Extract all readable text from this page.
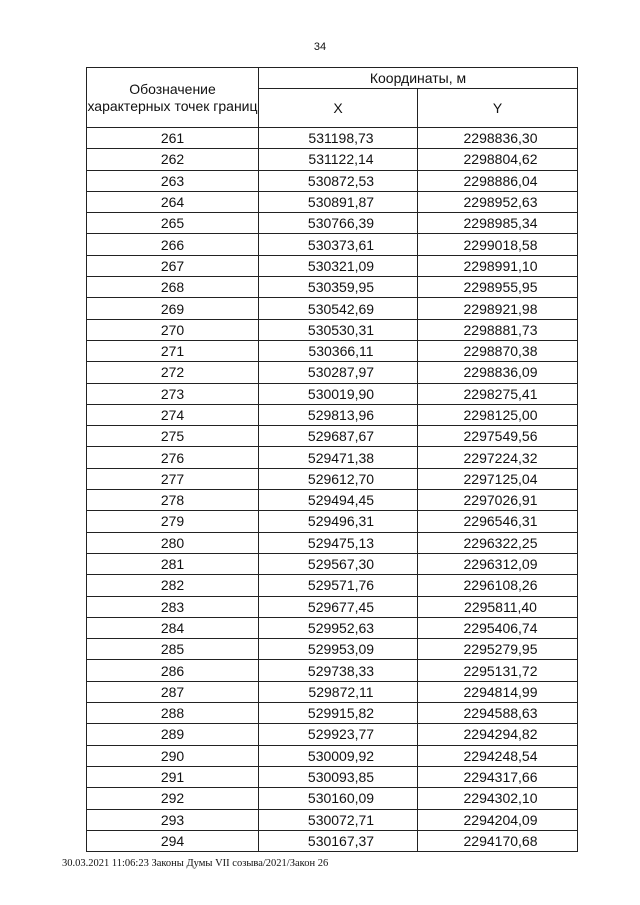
34
Обозначение характерных точек границ	Координаты, м	
	X	Y
261	531198,73	2298836,30
262	531122,14	2298804,62
263	530872,53	2298886,04
264	530891,87	2298952,63
265	530766,39	2298985,34
266	530373,61	2299018,58
267	530321,09	2298991,10
268	530359,95	2298955,95
269	530542,69	2298921,98
270	530530,31	2298881,73
271	530366,11	2298870,38
272	530287,97	2298836,09
273	530019,90	2298275,41
274	529813,96	2298125,00
275	529687,67	2297549,56
276	529471,38	2297224,32
277	529612,70	2297125,04
278	529494,45	2297026,91
279	529496,31	2296546,31
280	529475,13	2296322,25
281	529567,30	2296312,09
282	529571,76	2296108,26
283	529677,45	2295811,40
284	529952,63	2295406,74
285	529953,09	2295279,95
286	529738,33	2295131,72
287	529872,11	2294814,99
288	529915,82	2294588,63
289	529923,77	2294294,82
290	530009,92	2294248,54
291	530093,85	2294317,66
292	530160,09	2294302,10
293	530072,71	2294204,09
294	530167,37	2294170,68
30.03.2021 11:06:23 Законы Думы VII созыва/2021/Закон 26
